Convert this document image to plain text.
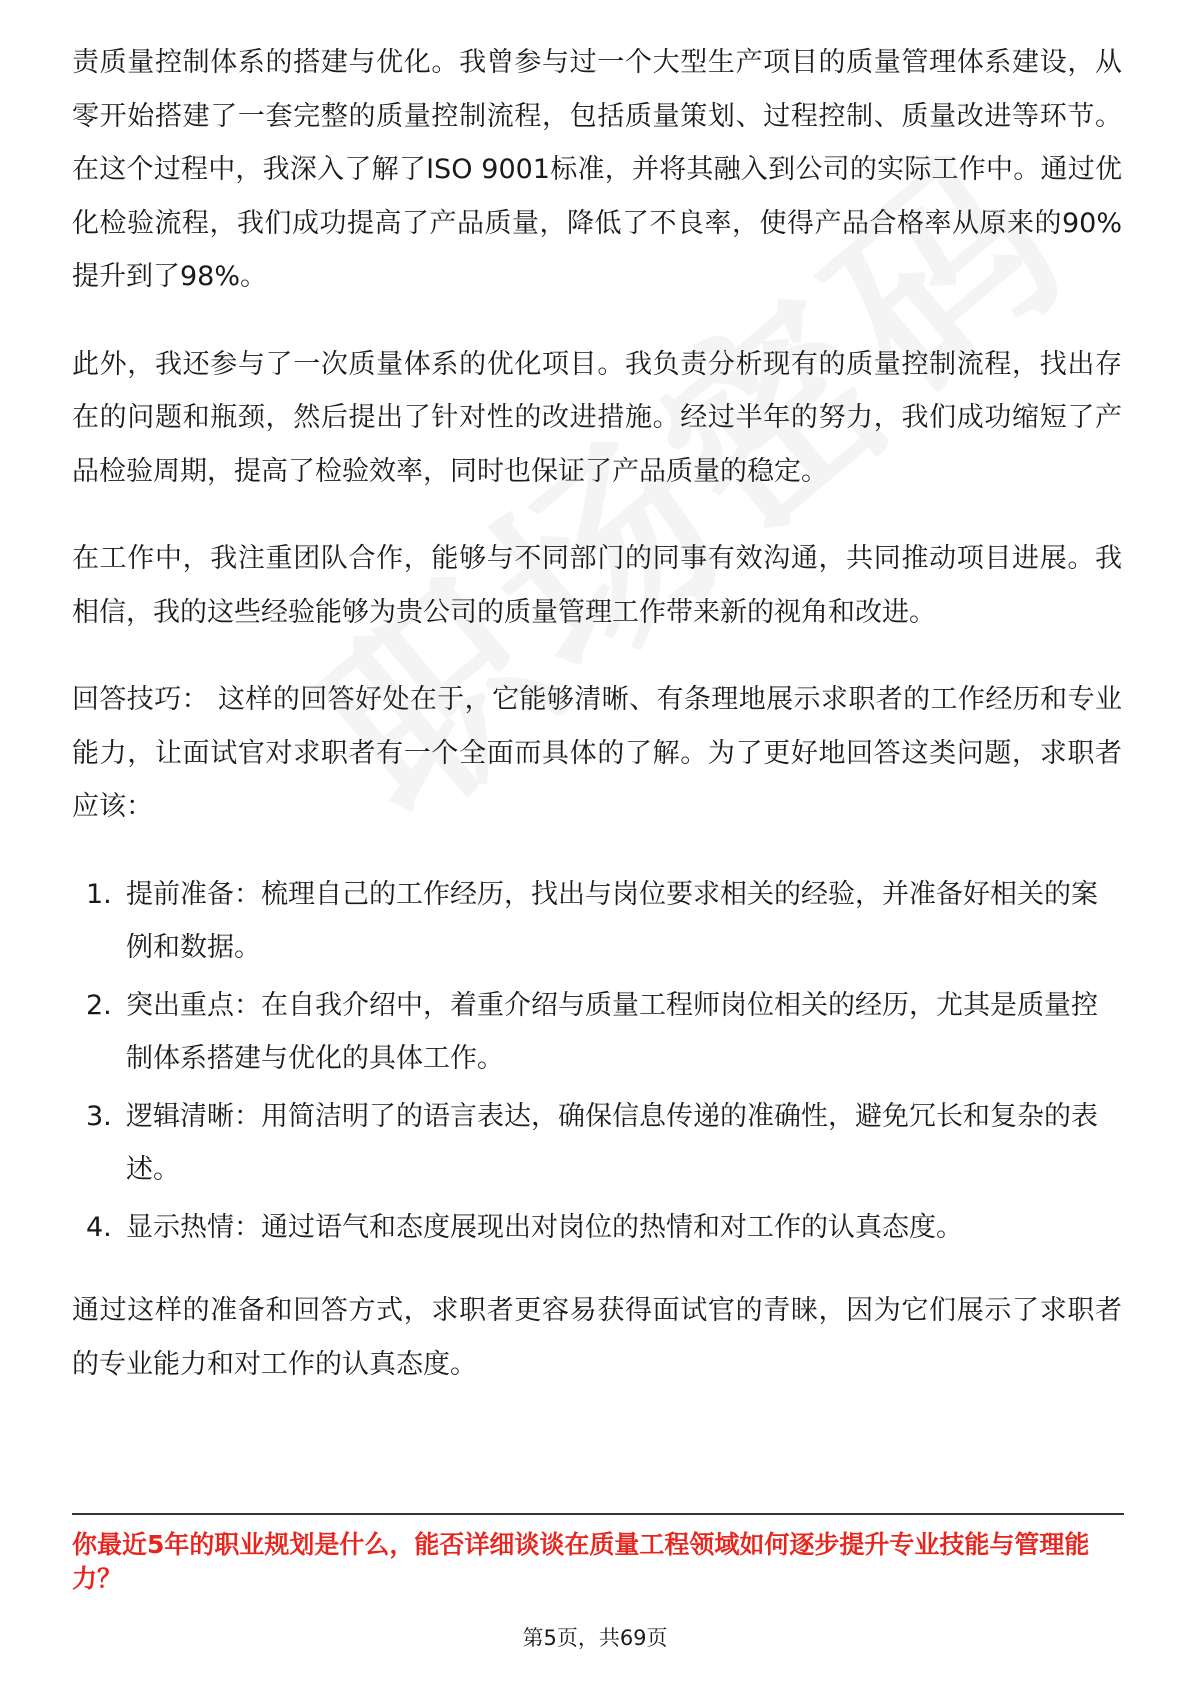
责质量控制体系的搭建与优化。我曾参与过一个大型生产项目的质量管理体系建设，从零开始搭建了一套完整的质量控制流程，包括质量策划、过程控制、质量改进等环节。在这个过程中，我深入了解了ISO 9001标准，并将其融入到公司的实际工作中。通过优化检验流程，我们成功提高了产品质量，降低了不良率，使得产品合格率从原来的90%提升到了98%。

此外，我还参与了一次质量体系的优化项目。我负责分析现有的质量控制流程，找出存在的问题和瓶颈，然后提出了针对性的改进措施。经过半年的努力，我们成功缩短了产品检验周期，提高了检验效率，同时也保证了产品质量的稳定。

在工作中，我注重团队合作，能够与不同部门的同事有效沟通，共同推动项目进展。我相信，我的这些经验能够为贵公司的质量管理工作带来新的视角和改进。

回答技巧： 这样的回答好处在于，它能够清晰、有条理地展示求职者的工作经历和专业能力，让面试官对求职者有一个全面而具体的了解。为了更好地回答这类问题，求职者应该：

1. 提前准备：梳理自己的工作经历，找出与岗位要求相关的经验，并准备好相关的案例和数据。
2. 突出重点：在自我介绍中，着重介绍与质量工程师岗位相关的经历，尤其是质量控制体系搭建与优化的具体工作。
3. 逻辑清晰：用简洁明了的语言表达，确保信息传递的准确性，避免冗长和复杂的表述。
4. 显示热情：通过语气和态度展现出对岗位的热情和对工作的认真态度。

通过这样的准备和回答方式，求职者更容易获得面试官的青睐，因为它们展示了求职者的专业能力和对工作的认真态度。

你最近5年的职业规划是什么，能否详细谈谈在质量工程领域如何逐步提升专业技能与管理能力？
第5页，共69页
